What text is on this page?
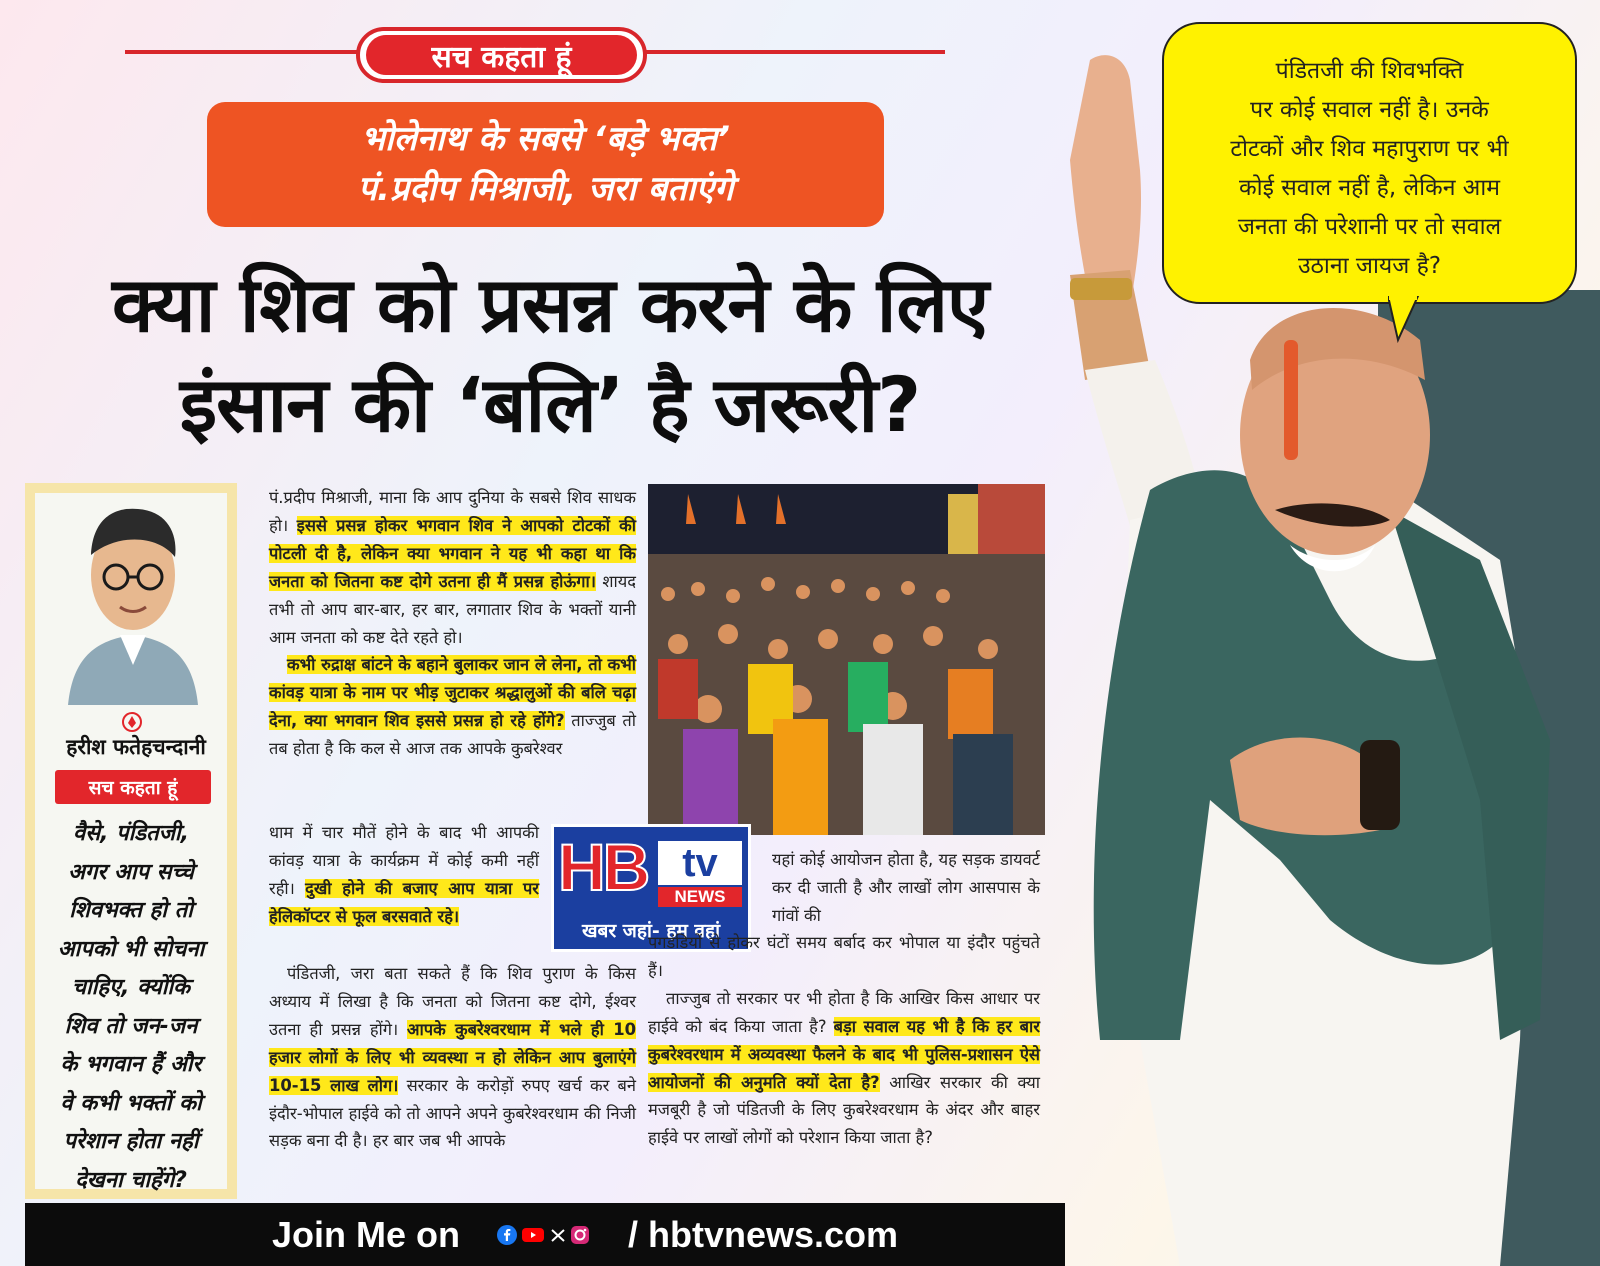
सच कहता हूं
भोलेनाथ के सबसे ‘बड़े भक्त’
पं.प्रदीप मिश्राजी, जरा बताएंगे
क्या शिव को प्रसन्न करने के लिए
इंसान की ‘बलि’ है जरूरी?
पंडितजी की शिवभक्ति
पर कोई सवाल नहीं है। उनके
टोटकों और शिव महापुराण पर भी
कोई सवाल नहीं है, लेकिन आम
जनता की परेशानी पर तो सवाल
उठाना जायज है?
हरीश फतेहचन्दानी
सच कहता हूं
वैसे, पंडितजी,
अगर आप सच्चे
शिवभक्त हो तो
आपको भी सोचना
चाहिए, क्योंकि
शिव तो जन-जन
के भगवान हैं और
वे कभी भक्तों को
परेशान होता नहीं
देखना चाहेंगे?

पं.प्रदीप मिश्राजी, माना कि आप दुनिया के सबसे शिव साधक हो। इससे प्रसन्न होकर भगवान शिव ने आपको टोटकों की पोटली दी है, लेकिन क्या भगवान ने यह भी कहा था कि जनता को जितना कष्ट दोगे उतना ही मैं प्रसन्न होऊंगा। शायद तभी तो आप बार-बार, हर बार, लगातार शिव के भक्तों यानी आम जनता को कष्ट देते रहते हो।

कभी रुद्राक्ष बांटने के बहाने बुलाकर जान ले लेना, तो कभी कांवड़ यात्रा के नाम पर भीड़ जुटाकर श्रद्धालुओं की बलि चढ़ा देना, क्या भगवान शिव इससे प्रसन्न हो रहे होंगे? ताज्जुब तो तब होता है कि कल से आज तक आपके कुबरेश्वर

धाम में चार मौतें होने के बाद भी आपकी कांवड़ यात्रा के कार्यक्रम में कोई कमी नहीं रही। दुखी होने की बजाए आप यात्रा पर हेलिकॉप्टर से फूल बरसवाते रहे।

पंडितजी, जरा बता सकते हैं कि शिव पुराण के किस अध्याय में लिखा है कि जनता को जितना कष्ट दोगे, ईश्वर उतना ही प्रसन्न होंगे। आपके कुबरेश्वरधाम में भले ही 10 हजार लोगों के लिए भी व्यवस्था न हो लेकिन आप बुलाएंगे 10-15 लाख लोग। सरकार के करोड़ों रुपए खर्च कर बने इंदौर-भोपाल हाईवे को तो आपने अपने कुबरेश्वरधाम की निजी सड़क बना दी है। हर बार जब भी आपके

HB tv
NEWS
खबर जहां- हम वहां

यहां कोई आयोजन होता है, यह सड़क डायवर्ट कर दी जाती है और लाखों लोग आसपास के गांवों की

पगडंडियों से होकर घंटों समय बर्बाद कर भोपाल या इंदौर पहुंचते हैं।

ताज्जुब तो सरकार पर भी होता है कि आखिर किस आधार पर हाईवे को बंद किया जाता है? बड़ा सवाल यह भी है कि हर बार कुबरेश्वरधाम में अव्यवस्था फैलने के बाद भी पुलिस-प्रशासन ऐसे आयोजनों की अनुमति क्यों देता है? आखिर सरकार की क्या मजबूरी है जो पंडितजी के लिए कुबरेश्वरधाम के अंदर और बाहर हाईवे पर लाखों लोगों को परेशान किया जाता है?

Join Me on	/ hbtvnews.com
